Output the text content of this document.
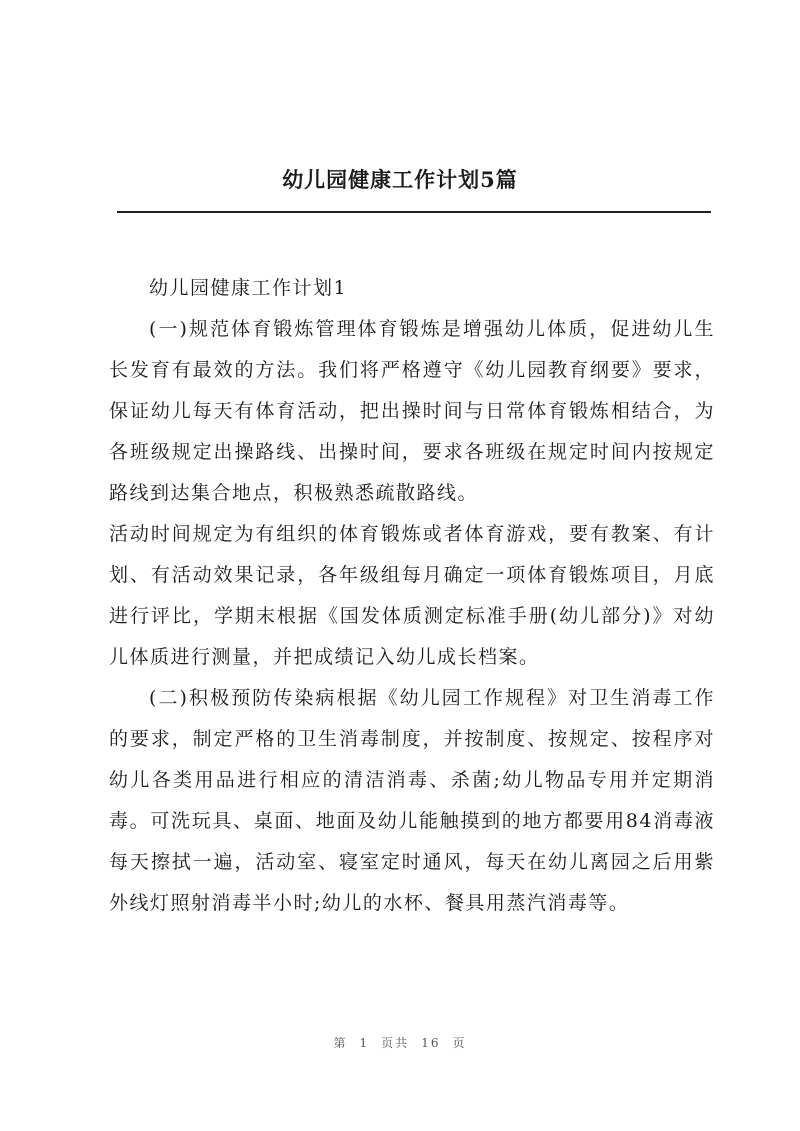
幼儿园健康工作计划5篇

幼儿园健康工作计划1

(一)规范体育锻炼管理体育锻炼是增强幼儿体质，促进幼儿生长发育有最效的方法。我们将严格遵守《幼儿园教育纲要》要求，保证幼儿每天有体育活动，把出操时间与日常体育锻炼相结合，为各班级规定出操路线、出操时间，要求各班级在规定时间内按规定路线到达集合地点，积极熟悉疏散路线。

活动时间规定为有组织的体育锻炼或者体育游戏，要有教案、有计划、有活动效果记录，各年级组每月确定一项体育锻炼项目，月底进行评比，学期末根据《国发体质测定标准手册(幼儿部分)》对幼儿体质进行测量，并把成绩记入幼儿成长档案。

(二)积极预防传染病根据《幼儿园工作规程》对卫生消毒工作的要求，制定严格的卫生消毒制度，并按制度、按规定、按程序对幼儿各类用品进行相应的清洁消毒、杀菌;幼儿物品专用并定期消毒。可洗玩具、桌面、地面及幼儿能触摸到的地方都要用84消毒液每天擦拭一遍，活动室、寝室定时通风，每天在幼儿离园之后用紫外线灯照射消毒半小时;幼儿的水杯、餐具用蒸汽消毒等。

第 1 页共 16 页
